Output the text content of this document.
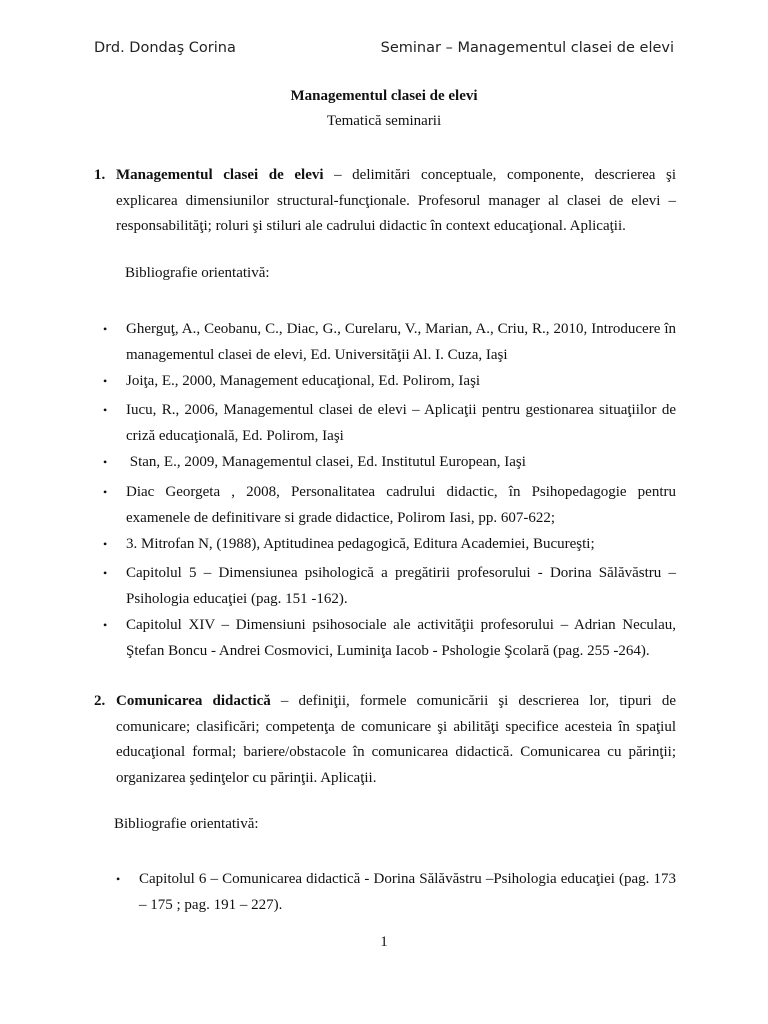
Drd. Dondaş Corina	Seminar – Managementul clasei de elevi
Managementul clasei de elevi
Tematică seminarii
1. Managementul clasei de elevi – delimitări conceptuale, componente, descrierea şi explicarea dimensiunilor structural-funcţionale. Profesorul manager al clasei de elevi – responsabilităţi; roluri şi stiluri ale cadrului didactic în context educaţional. Aplicaţii.
Bibliografie orientativă:
• Gherguţ, A., Ceobanu, C., Diac, G., Curelaru, V., Marian, A., Criu, R., 2010, Introducere în managementul clasei de elevi, Ed. Universităţii Al. I. Cuza, Iaşi
• Joiţa, E., 2000, Management educaţional, Ed. Polirom, Iaşi
• Iucu, R., 2006, Managementul clasei de elevi – Aplicaţii pentru gestionarea situaţiilor de criză educaţională, Ed. Polirom, Iaşi
• Stan, E., 2009, Managementul clasei, Ed. Institutul European, Iaşi
• Diac Georgeta , 2008, Personalitatea cadrului didactic, în Psihopedagogie pentru examenele de definitivare si grade didactice, Polirom Iasi, pp. 607-622;
• 3. Mitrofan N, (1988), Aptitudinea pedagogică, Editura Academiei, Bucureşti;
• Capitolul 5 – Dimensiunea psihologică a pregătirii profesorului - Dorina Sălăvăstru – Psihologia educaţiei (pag. 151 -162).
• Capitolul XIV – Dimensiuni psihosociale ale activităţii profesorului – Adrian Neculau, Ştefan Boncu - Andrei Cosmovici, Luminiţa Iacob - Pshologie Şcolară (pag. 255 -264).
2. Comunicarea didactică – definiţii, formele comunicării şi descrierea lor, tipuri de comunicare; clasificări; competenţa de comunicare şi abilităţi specifice acesteia în spaţiul educaţional formal; bariere/obstacole în comunicarea didactică. Comunicarea cu părinţii; organizarea şedinţelor cu părinţii. Aplicaţii.
Bibliografie orientativă:
• Capitolul 6 – Comunicarea didactică - Dorina Sălăvăstru –Psihologia educaţiei (pag. 173 – 175 ; pag. 191 – 227).
1
